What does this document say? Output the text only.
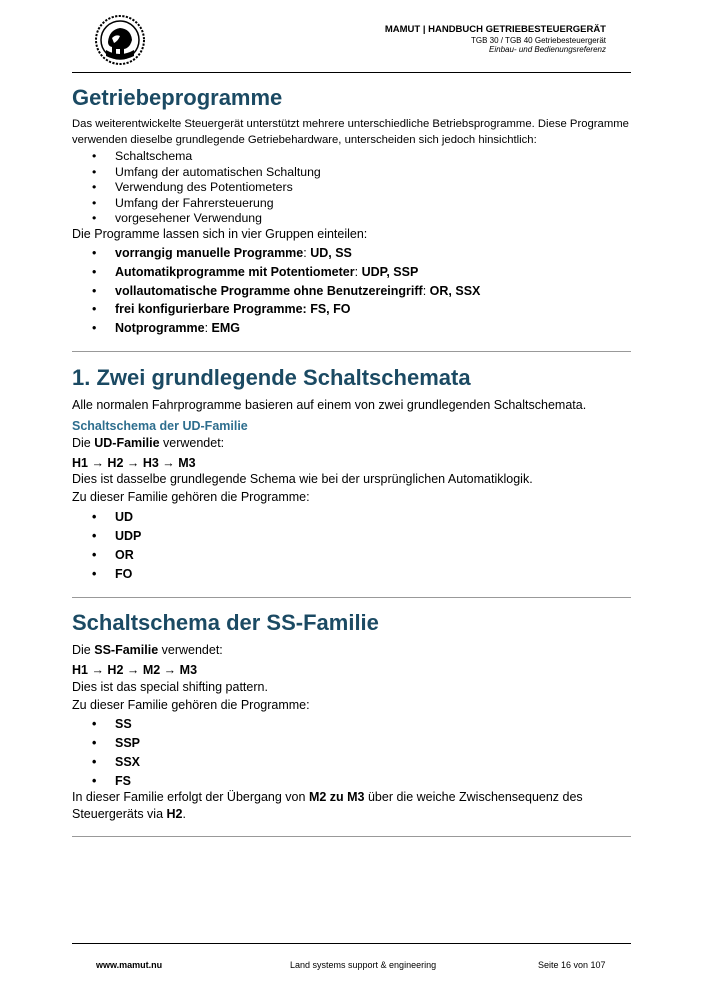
MAMUT | HANDBUCH GETRIEBESTEUERGERÄT
TGB 30 / TGB 40 Getriebesteuergerät
Einbau- und Bedienungsreferenz
Getriebeprogramme

Das weiterentwickelte Steuergerät unterstützt mehrere unterschiedliche Betriebsprogramme. Diese Programme verwenden dieselbe grundlegende Getriebehardware, unterscheiden sich jedoch hinsichtlich:

• Schaltschema
• Umfang der automatischen Schaltung
• Verwendung des Potentiometers
• Umfang der Fahrersteuerung
• vorgesehener Verwendung

Die Programme lassen sich in vier Gruppen einteilen:

• vorrangig manuelle Programme: UD, SS
• Automatikprogramme mit Potentiometer: UDP, SSP
• vollautomatische Programme ohne Benutzereingriff: OR, SSX
• frei konfigurierbare Programme: FS, FO
• Notprogramme: EMG
1. Zwei grundlegende Schaltschemata

Alle normalen Fahrprogramme basieren auf einem von zwei grundlegenden Schaltschemata.

Schaltschema der UD-Familie

Die UD-Familie verwendet:

H1 → H2 → H3 → M3

Dies ist dasselbe grundlegende Schema wie bei der ursprünglichen Automatiklogik.

Zu dieser Familie gehören die Programme:

• UD
• UDP
• OR
• FO
Schaltschema der SS-Familie

Die SS-Familie verwendet:

H1 → H2 → M2 → M3

Dies ist das special shifting pattern.

Zu dieser Familie gehören die Programme:

• SS
• SSP
• SSX
• FS

In dieser Familie erfolgt der Übergang von M2 zu M3 über die weiche Zwischensequenz des Steuergeräts via H2.

www.mamut.nu	Land systems support & engineering	Seite 16 von 107
